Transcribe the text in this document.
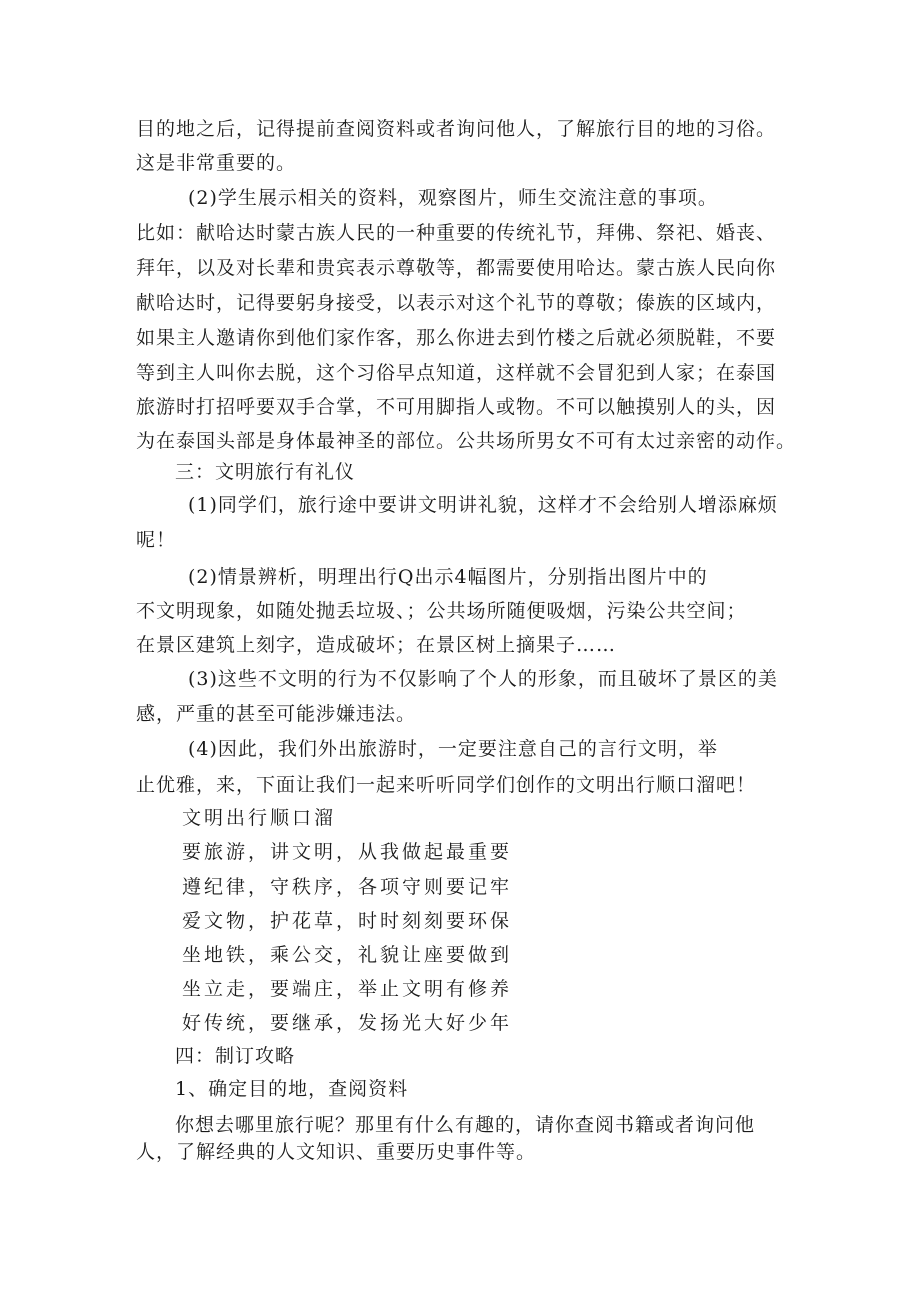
目的地之后，记得提前查阅资料或者询问他人，了解旅行目的地的习俗。
这是非常重要的。
(2)学生展示相关的资料，观察图片，师生交流注意的事项。
比如：献哈达时蒙古族人民的一种重要的传统礼节，拜佛、祭祀、婚丧、
拜年，以及对长辈和贵宾表示尊敬等，都需要使用哈达。蒙古族人民向你
献哈达时，记得要躬身接受，以表示对这个礼节的尊敬；傣族的区域内，
如果主人邀请你到他们家作客，那么你进去到竹楼之后就必须脱鞋，不要
等到主人叫你去脱，这个习俗早点知道，这样就不会冒犯到人家；在泰国
旅游时打招呼要双手合掌，不可用脚指人或物。不可以触摸别人的头，因
为在泰国头部是身体最神圣的部位。公共场所男女不可有太过亲密的动作。
三：文明旅行有礼仪
(1)同学们，旅行途中要讲文明讲礼貌，这样才不会给别人增添麻烦
呢！
(2)情景辨析，明理出行Q出示4幅图片，分别指出图片中的
不文明现象，如随处抛丢垃圾、；公共场所随便吸烟，污染公共空间；
在景区建筑上刻字，造成破坏；在景区树上摘果子……
(3)这些不文明的行为不仅影响了个人的形象，而且破坏了景区的美
感，严重的甚至可能涉嫌违法。
(4)因此，我们外出旅游时，一定要注意自己的言行文明，举
止优雅，来，下面让我们一起来听听同学们创作的文明出行顺口溜吧！
文明出行顺口溜
要旅游，讲文明，从我做起最重要
遵纪律，守秩序，各项守则要记牢
爱文物，护花草，时时刻刻要环保
坐地铁，乘公交，礼貌让座要做到
坐立走，要端庄，举止文明有修养
好传统，要继承，发扬光大好少年
四：制订攻略
1、确定目的地，查阅资料
你想去哪里旅行呢？那里有什么有趣的，请你查阅书籍或者询问他
人，了解经典的人文知识、重要历史事件等。
